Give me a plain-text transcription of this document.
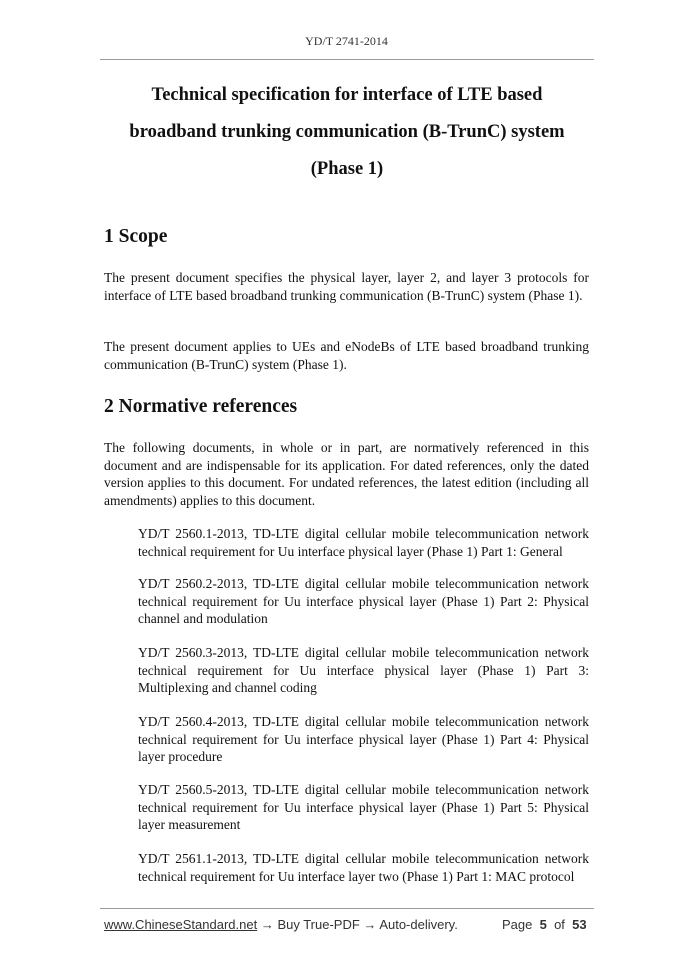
YD/T 2741-2014
Technical specification for interface of LTE based
broadband trunking communication (B-TrunC) system
(Phase 1)
1 Scope
The present document specifies the physical layer, layer 2, and layer 3 protocols for interface of LTE based broadband trunking communication (B-TrunC) system (Phase 1).
The present document applies to UEs and eNodeBs of LTE based broadband trunking communication (B-TrunC) system (Phase 1).
2 Normative references
The following documents, in whole or in part, are normatively referenced in this document and are indispensable for its application. For dated references, only the dated version applies to this document. For undated references, the latest edition (including all amendments) applies to this document.
YD/T 2560.1-2013, TD-LTE digital cellular mobile telecommunication network technical requirement for Uu interface physical layer (Phase 1) Part 1: General
YD/T 2560.2-2013, TD-LTE digital cellular mobile telecommunication network technical requirement for Uu interface physical layer (Phase 1) Part 2: Physical channel and modulation
YD/T 2560.3-2013, TD-LTE digital cellular mobile telecommunication network technical requirement for Uu interface physical layer (Phase 1) Part 3: Multiplexing and channel coding
YD/T 2560.4-2013, TD-LTE digital cellular mobile telecommunication network technical requirement for Uu interface physical layer (Phase 1) Part 4: Physical layer procedure
YD/T 2560.5-2013, TD-LTE digital cellular mobile telecommunication network technical requirement for Uu interface physical layer (Phase 1) Part 5: Physical layer measurement
YD/T 2561.1-2013, TD-LTE digital cellular mobile telecommunication network technical requirement for Uu interface layer two (Phase 1) Part 1: MAC protocol
www.ChineseStandard.net → Buy True-PDF → Auto-delivery.	Page 5 of 53
